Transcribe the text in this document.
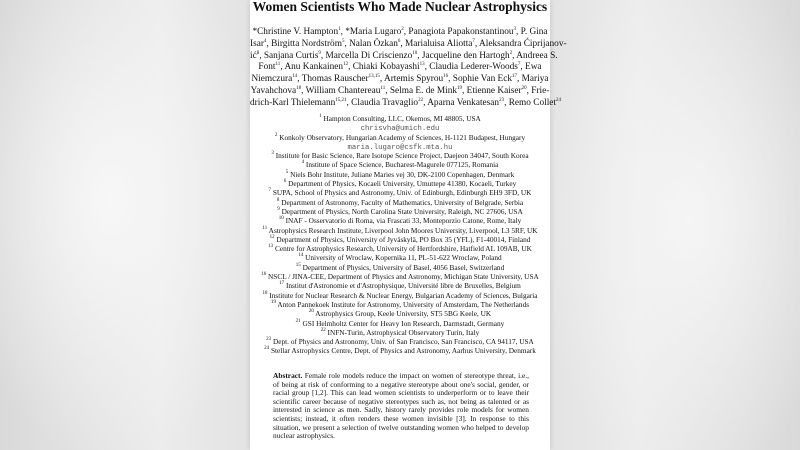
Women Scientists Who Made Nuclear Astrophysics
*Christine V. Hampton$^1$, *Maria Lugaro$^2$, Panagiota Papakonstantinou$^3$, P. Gina
Isar$^4$, Birgitta Nordström$^5$, Nalan Özkan$^6$, Marialuisa Aliotta$^7$, Aleksandra Ćiprijanov-
$ić^8$, Sanjana Curtis$^9$, Marcella Di Criscienzo$^{10}$, Jacqueline den Hartogh$^2$, Andreea S.
Font$^{11}$, Anu Kankainen$^{12}$, Chiaki Kobayashi$^{13}$, Claudia Lederer-Woods$^7$, Ewa
Niemczura$^{14}$, Thomas Rauscher$^{13,15}$, Artemis Spyrou$^{16}$, Sophie Van Eck$^{17}$, Mariya
Yavahchova$^{18}$, William Chantereau$^{11}$, Selma E. de Mink$^{19}$, Etienne Kaiser$^{20}$, Frie-
drich-Karl Thielemann$^{15,21}$, Claudia Travaglio$^{22}$, Aparna Venkatesan$^{23}$, Remo Collet$^{24}$
$^1$ Hampton Consulting, LLC, Okemos, MI 48805, USA
chrisvha@umich.edu
$^2$ Konkoly Observatory, Hungarian Academy of Sciences, H-1121 Budapest, Hungary
maria.lugaro@csfk.mta.hu
$^3$ Institute for Basic Science, Rare Isotope Science Project, Daejeon 34047, South Korea
$^4$ Institute of Space Science, Bucharest-Magurele 077125, Romania
$^5$ Niels Bohr Institute, Juliane Maries vej 30, DK-2100 Copenhagen, Denmark
$^6$ Department of Physics, Kocaeli University, Umuttepe 41380, Kocaeli, Turkey
$^7$ SUPA, School of Physics and Astronomy, Univ. of Edinburgh, Edinburgh EH9 3FD, UK
$^8$ Department of Astronomy, Faculty of Mathematics, University of Belgrade, Serbia
$^9$ Department of Physics, North Carolina State University, Raleigh, NC 27606, USA
$^{10}$ INAF - Osservatorio di Roma, via Frascati 33, Monteporzio Catone, Rome, Italy
$^{11}$ Astrophysics Research Institute, Liverpool John Moores University, Liverpool, L3 5RF, UK
$^{12}$ Department of Physics, University of Jyväskylä, PO Box 35 (YFL), F1-40014, Finland
$^{13}$ Centre for Astrophysics Research, University of Hertfordshire, Hatfield AL 109AB, UK
$^{14}$ University of Wroclaw, Kopernika 11, PL-51-622 Wroclaw, Poland
$^{15}$ Department of Physics, University of Basel, 4056 Basel, Switzerland
$^{16}$ NSCL / JINA-CEE, Department of Physics and Astronomy, Michigan State University, USA
$^{17}$ Institut d'Astronomie et d'Astrophysique, Université libre de Bruxelles, Belgium
$^{18}$ Institute for Nuclear Research & Nuclear Energy, Bulgarian Academy of Sciences, Bulgaria
$^{19}$ Anton Pannekoek Institute for Astronomy, University of Amsterdam, The Netherlands
$^{20}$ Astrophysics Group, Keele University, ST5 5BG Keele, UK
$^{21}$ GSI Helmholtz Center for Heavy Ion Research, Darmstadt, Germany
$^{22}$ INFN-Turin, Astrophysical Observatory Turin, Italy
$^{23}$ Dept. of Physics and Astronomy, Univ. of San Francisco, San Francisco, CA 94117, USA
$^{24}$ Stellar Astrophysics Centre, Dept. of Physics and Astronomy, Aarhus University, Denmark
Abstract. Female role models reduce the impact on women of stereotype threat, i.e., of being at risk of conforming to a negative stereotype about one's social, gender, or racial group [1,2]. This can lead women scientists to underperform or to leave their scientific career because of negative stereotypes such as, not being as talented or as interested in science as men. Sadly, history rarely provides role models for women scientists; instead, it often renders these women invisible [3]. In response to this situation, we present a selection of twelve outstanding women who helped to develop nuclear astrophysics.
